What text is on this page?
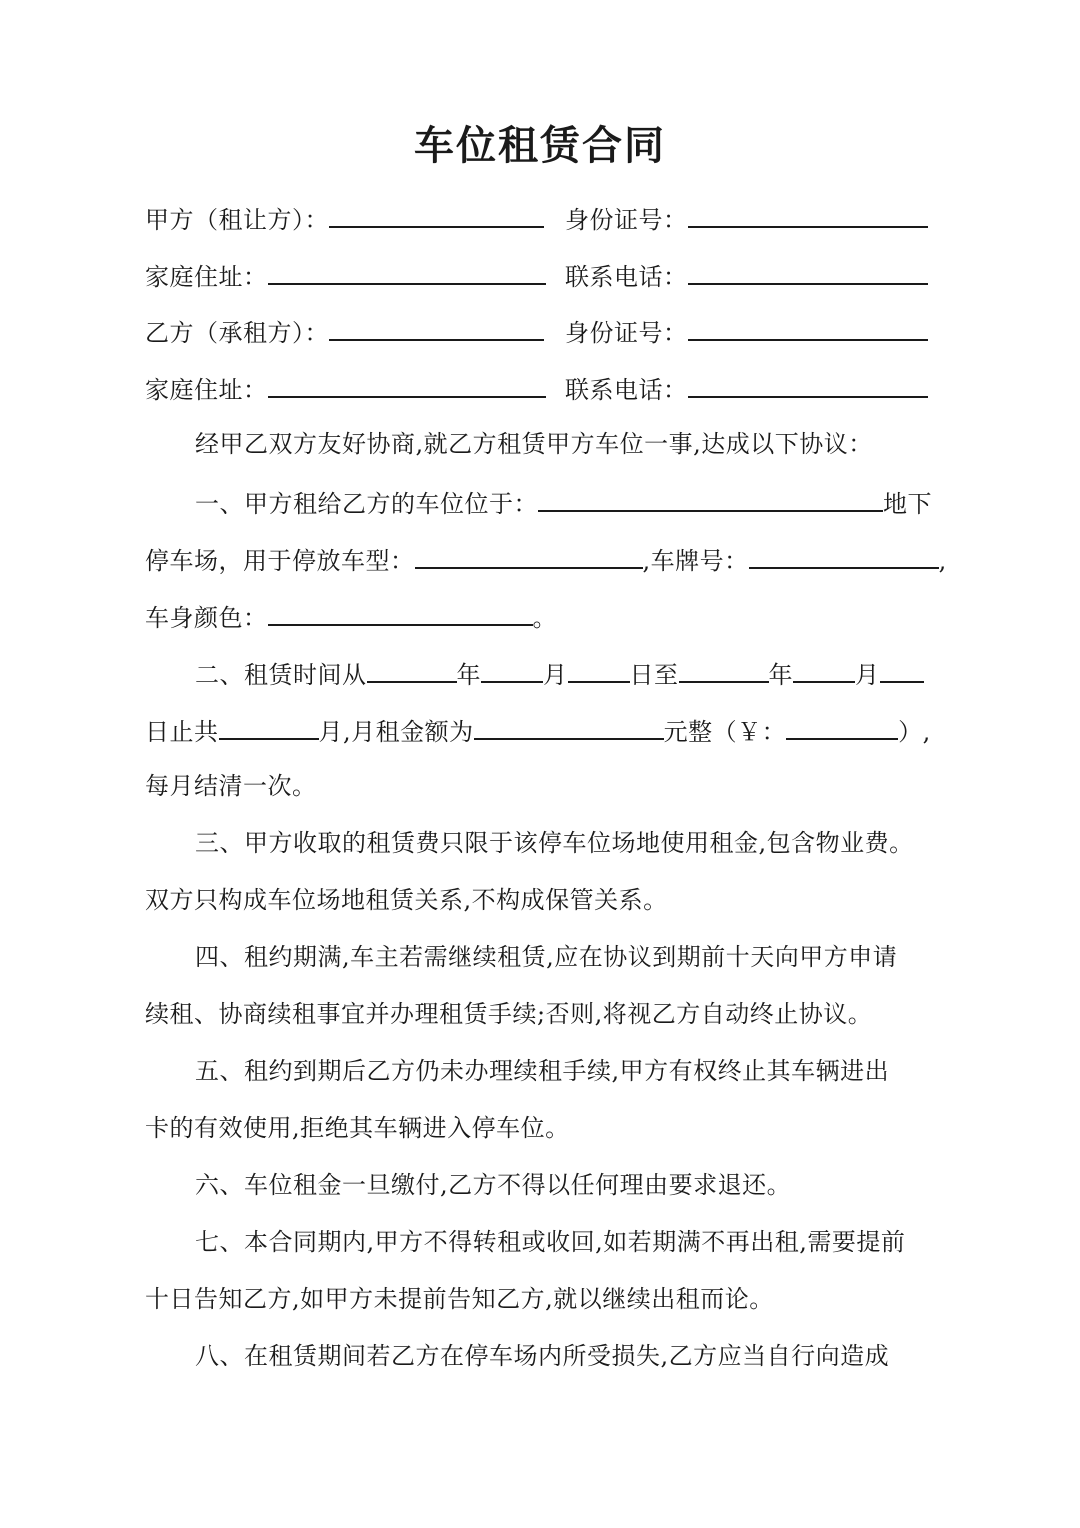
车位租赁合同
甲方（租让方）：	身份证号：
家庭住址：	联系电话：
乙方（承租方）：	身份证号：
家庭住址：	联系电话：
经甲乙双方友好协商,就乙方租赁甲方车位一事,达成以下协议：
一、甲方租给乙方的车位位于：	地下
停车场，用于停放车型：	,车牌号：	,
车身颜色：	。
二、租赁时间从	年	月	日至	年	月
日止共	月,月租金额为	元整（￥：	）,
每月结清一次。
三、甲方收取的租赁费只限于该停车位场地使用租金,包含物业费。
双方只构成车位场地租赁关系,不构成保管关系。
四、租约期满,车主若需继续租赁,应在协议到期前十天向甲方申请
续租、协商续租事宜并办理租赁手续;否则,将视乙方自动终止协议。
五、租约到期后乙方仍未办理续租手续,甲方有权终止其车辆进出
卡的有效使用,拒绝其车辆进入停车位。
六、车位租金一旦缴付,乙方不得以任何理由要求退还。
七、本合同期内,甲方不得转租或收回,如若期满不再出租,需要提前
十日告知乙方,如甲方未提前告知乙方,就以继续出租而论。
八、在租赁期间若乙方在停车场内所受损失,乙方应当自行向造成
